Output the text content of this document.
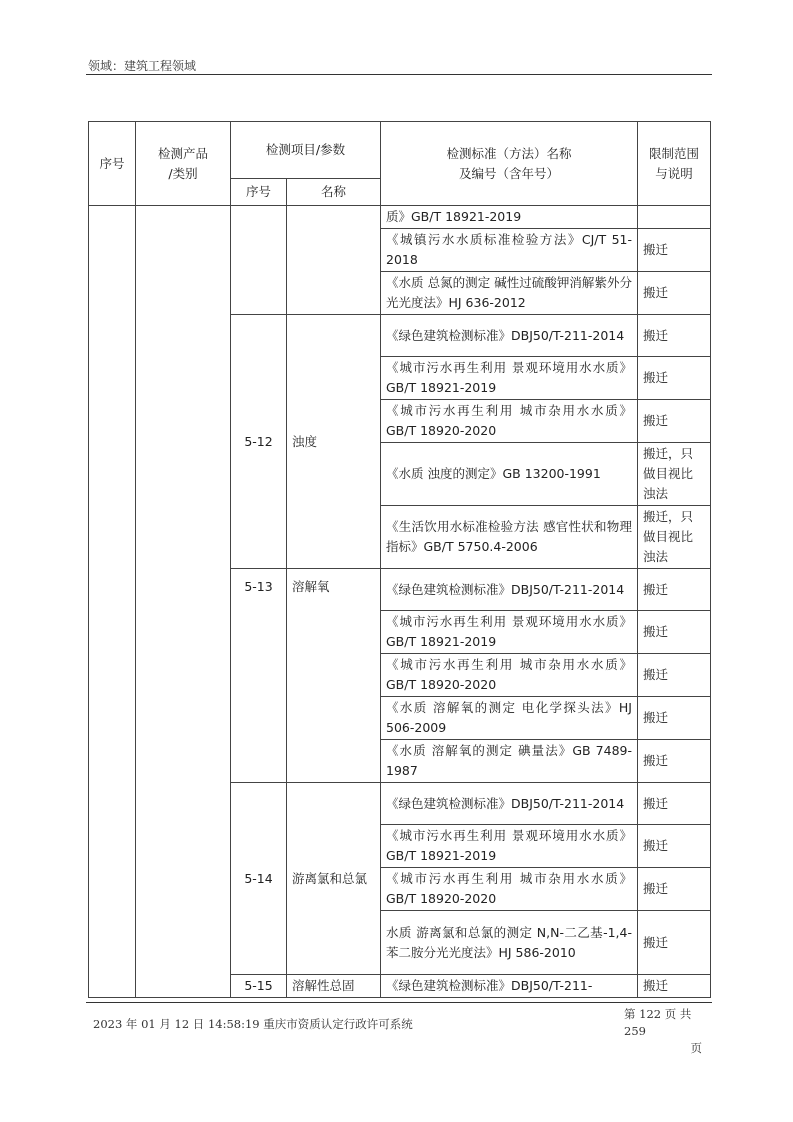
领域：建筑工程领域
序号	检测产品
/类别	检测项目/参数		检测标准（方法）名称
及编号（含年号）	限制范围
与说明
		序号	名称		
				质》GB/T 18921-2019	
				《城镇污水水质标准检验方法》CJ/T 51-2018	搬迁
				《水质 总氮的测定 碱性过硫酸钾消解紫外分光光度法》HJ 636-2012	搬迁
		5-12	浊度	《绿色建筑检测标准》DBJ50/T-211-2014	搬迁
				《城市污水再生利用 景观环境用水水质》GB/T 18921-2019	搬迁
				《城市污水再生利用 城市杂用水水质》GB/T 18920-2020	搬迁
				《水质 浊度的测定》GB 13200-1991	搬迁，只做目视比浊法
				《生活饮用水标准检验方法 感官性状和物理指标》GB/T 5750.4-2006	搬迁，只做目视比浊法
		5-13	溶解氧	《绿色建筑检测标准》DBJ50/T-211-2014	搬迁
				《城市污水再生利用 景观环境用水水质》GB/T 18921-2019	搬迁
				《城市污水再生利用 城市杂用水水质》GB/T 18920-2020	搬迁
				《水质 溶解氧的测定 电化学探头法》HJ 506-2009	搬迁
				《水质 溶解氧的测定 碘量法》GB 7489-1987	搬迁
		5-14	游离氯和总氯	《绿色建筑检测标准》DBJ50/T-211-2014	搬迁
				《城市污水再生利用 景观环境用水水质》GB/T 18921-2019	搬迁
				《城市污水再生利用 城市杂用水水质》GB/T 18920-2020	搬迁
				水质 游离氯和总氯的测定 N,N-二乙基-1,4-苯二胺分光光度法》HJ 586-2010	搬迁
		5-15	溶解性总固	《绿色建筑检测标准》DBJ50/T-211-	搬迁
2023 年 01 月 12 日 14:58:19 重庆市资质认定行政许可系统
第 122 页 共 259
页
